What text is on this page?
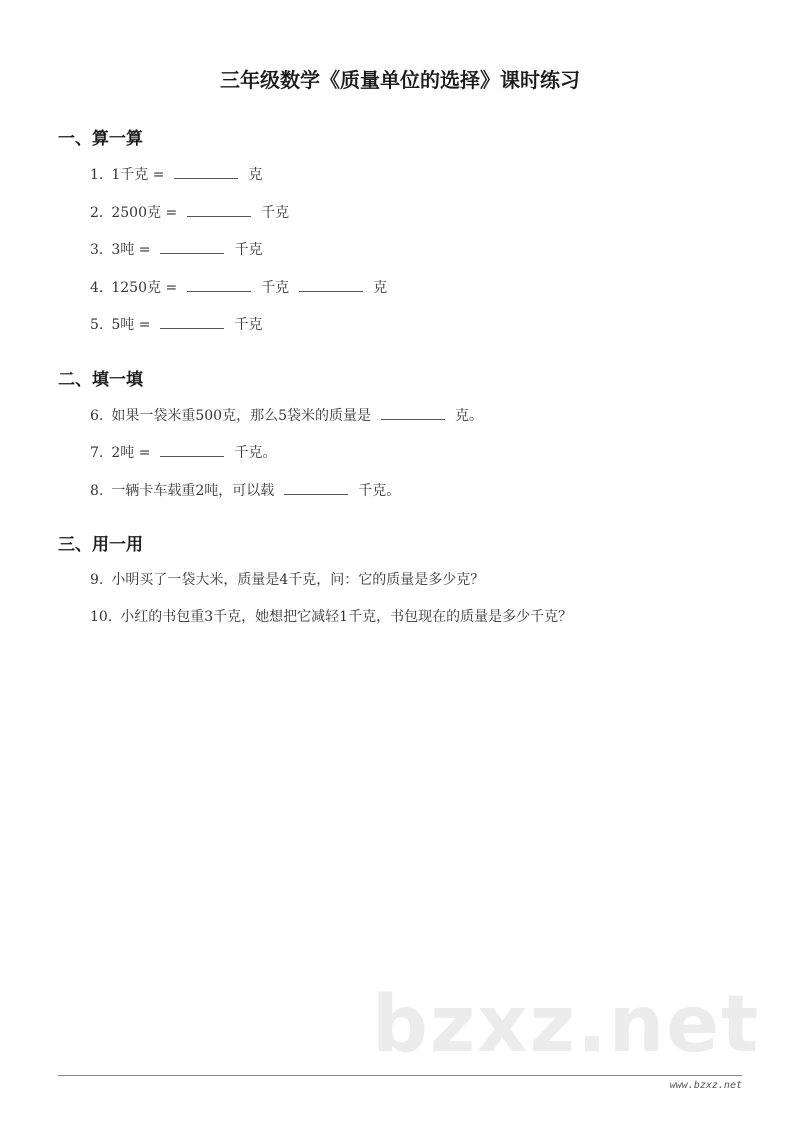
三年级数学《质量单位的选择》课时练习
一、算一算
1. 1千克 =	克
2. 2500克 =	千克
3. 3吨 =	千克
4. 1250克 =	千克	克
5. 5吨 =	千克
二、填一填
6. 如果一袋米重500克，那么5袋米的质量是	克。
7. 2吨 =	千克。
8. 一辆卡车载重2吨，可以载	千克。
三、用一用
9. 小明买了一袋大米，质量是4千克，问：它的质量是多少克？
10. 小红的书包重3千克，她想把它减轻1千克，书包现在的质量是多少千克？
bzxz.net
www.bzxz.net
